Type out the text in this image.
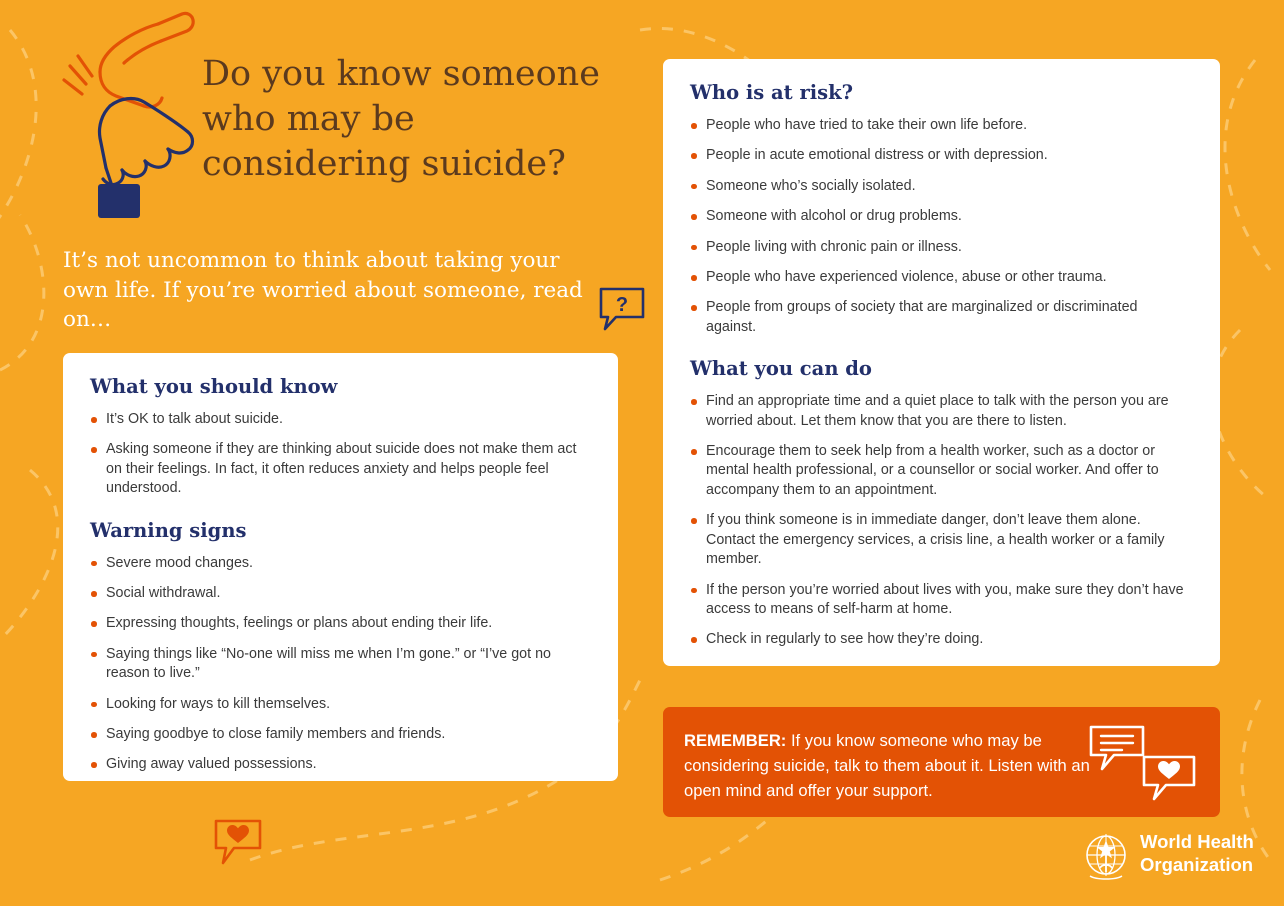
Do you know someone who may be considering suicide?
It’s not uncommon to think about taking your own life. If you’re worried about someone, read on…
?
What you should know
It’s OK to talk about suicide.
Asking someone if they are thinking about suicide does not make them act on their feelings. In fact, it often reduces anxiety and helps people feel understood.
Warning signs
Severe mood changes.
Social withdrawal.
Expressing thoughts, feelings or plans about ending their life.
Saying things like “No-one will miss me when I’m gone.” or “I’ve got no reason to live.”
Looking for ways to kill themselves.
Saying goodbye to close family members and friends.
Giving away valued possessions.
Who is at risk?
People who have tried to take their own life before.
People in acute emotional distress or with depression.
Someone who’s socially isolated.
Someone with alcohol or drug problems.
People living with chronic pain or illness.
People who have experienced violence, abuse or other trauma.
People from groups of society that are marginalized or discriminated against.
What you can do
Find an appropriate time and a quiet place to talk with the person you are worried about. Let them know that you are there to listen.
Encourage them to seek help from a health worker, such as a doctor or mental health professional, or a counsellor or social worker. And offer to accompany them to an appointment.
If you think someone is in immediate danger, don’t leave them alone. Contact the emergency services, a crisis line, a health worker or a family member.
If the person you’re worried about lives with you, make sure they don’t have access to means of self-harm at home.
Check in regularly to see how they’re doing.
REMEMBER: If you know someone who may be considering suicide, talk to them about it. Listen with an open mind and offer your support.
World Health
Organization
